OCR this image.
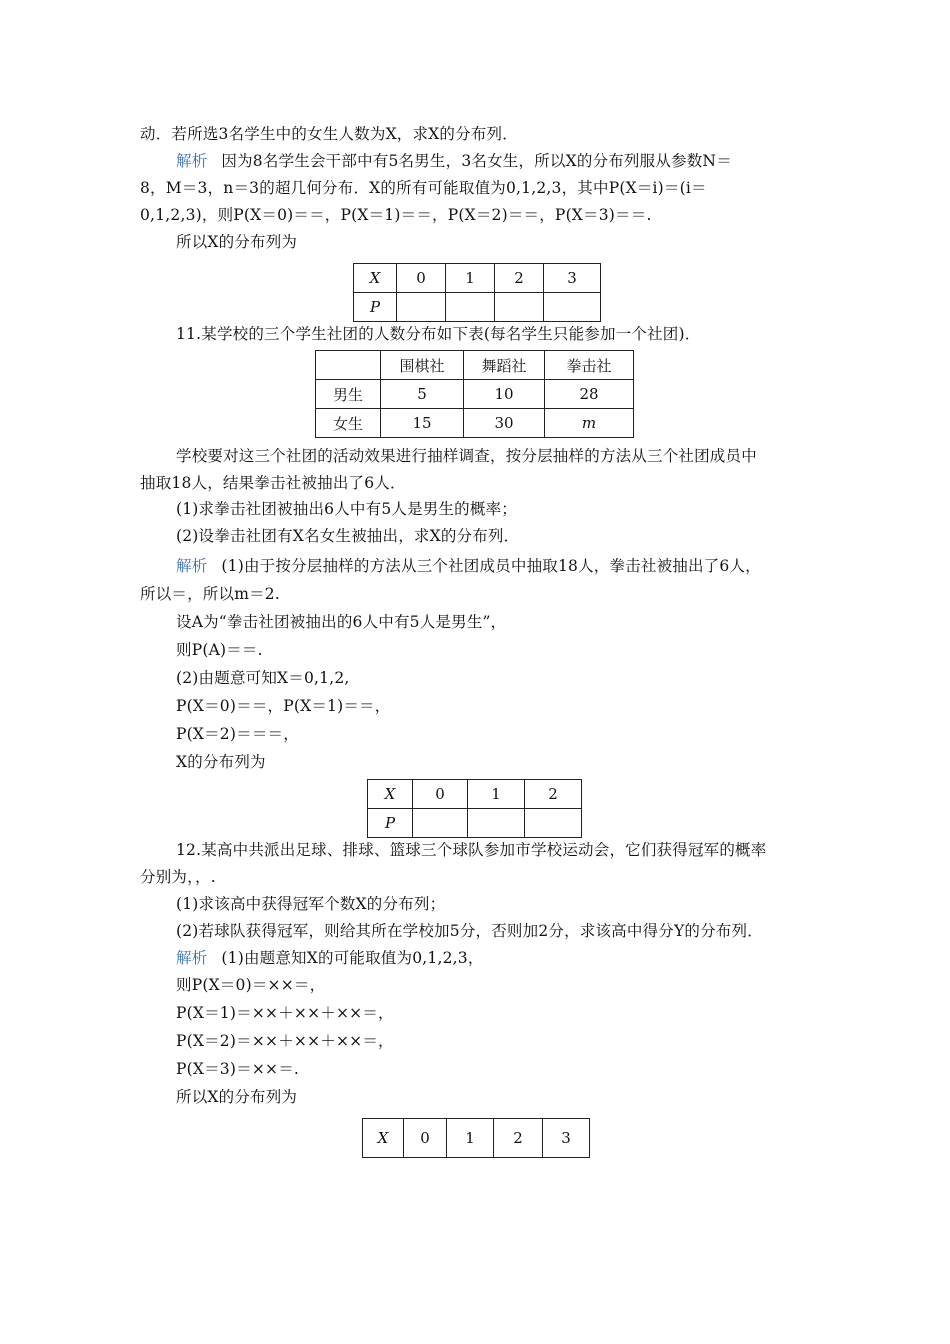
动．若所选3名学生中的女生人数为X，求X的分布列．
解析 因为8名学生会干部中有5名男生，3名女生，所以X的分布列服从参数N＝
8，M＝3，n＝3的超几何分布．X的所有可能取值为0,1,2,3，其中P(X＝i)＝(i＝
0,1,2,3)，则P(X＝0)＝＝，P(X＝1)＝＝，P(X＝2)＝＝，P(X＝3)＝＝.
所以X的分布列为
X	0	1	2	3
P				
11.某学校的三个学生社团的人数分布如下表(每名学生只能参加一个社团)．
	围棋社	舞蹈社	拳击社
男生	5	10	28
女生	15	30	m
学校要对这三个社团的活动效果进行抽样调查，按分层抽样的方法从三个社团成员中
抽取18人，结果拳击社被抽出了6人．
(1)求拳击社团被抽出6人中有5人是男生的概率；
(2)设拳击社团有X名女生被抽出，求X的分布列．
解析 (1)由于按分层抽样的方法从三个社团成员中抽取18人，拳击社被抽出了6人，
所以＝，所以m＝2.
设A为“拳击社团被抽出的6人中有5人是男生”，
则P(A)＝＝.
(2)由题意可知X＝0,1,2,
P(X＝0)＝＝，P(X＝1)＝＝，
P(X＝2)＝＝＝，
X的分布列为
X	0	1	2
P			
12.某高中共派出足球、排球、篮球三个球队参加市学校运动会，它们获得冠军的概率
分别为，，.
(1)求该高中获得冠军个数X的分布列；
(2)若球队获得冠军，则给其所在学校加5分，否则加2分，求该高中得分Y的分布列．
解析 (1)由题意知X的可能取值为0,1,2,3，
则P(X＝0)＝××＝，
P(X＝1)＝××＋××＋××＝，
P(X＝2)＝××＋××＋××＝，
P(X＝3)＝××＝.
所以X的分布列为
X	0	1	2	3
